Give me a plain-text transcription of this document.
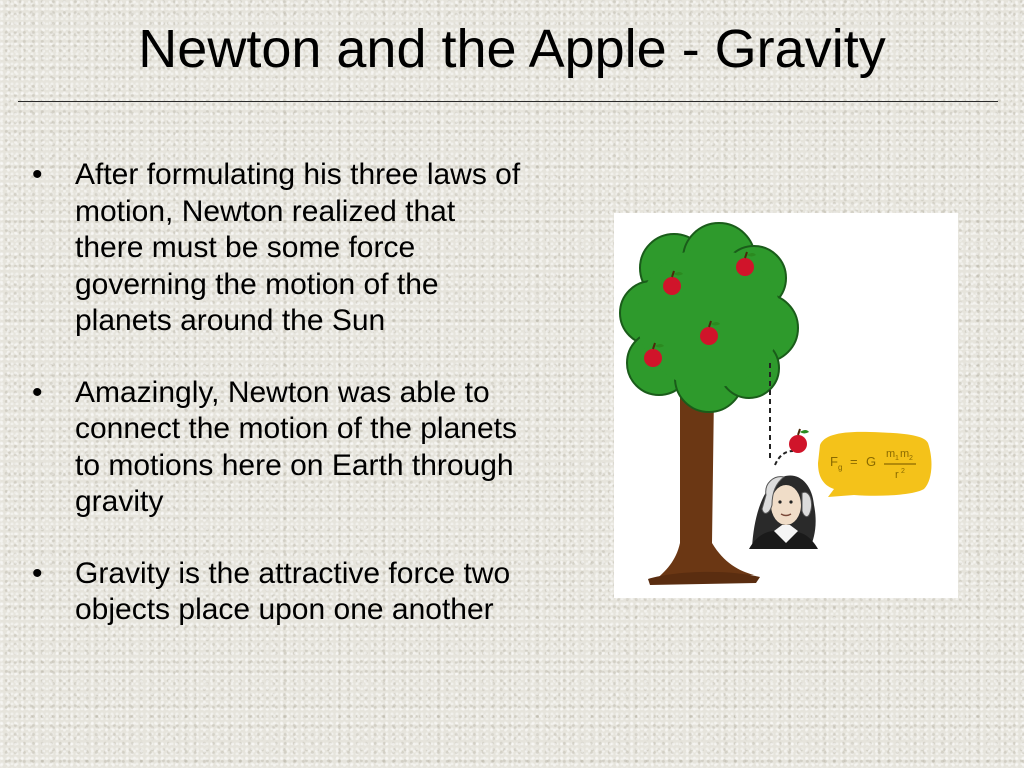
Newton and the Apple - Gravity
• After formulating his three laws of motion, Newton realized that there must be some force governing the motion of the planets around the Sun
• Amazingly, Newton was able to connect the motion of the planets to motions here on Earth through gravity
• Gravity is the attractive force two objects place upon one another
F g = G m 1 m 2
r 2
